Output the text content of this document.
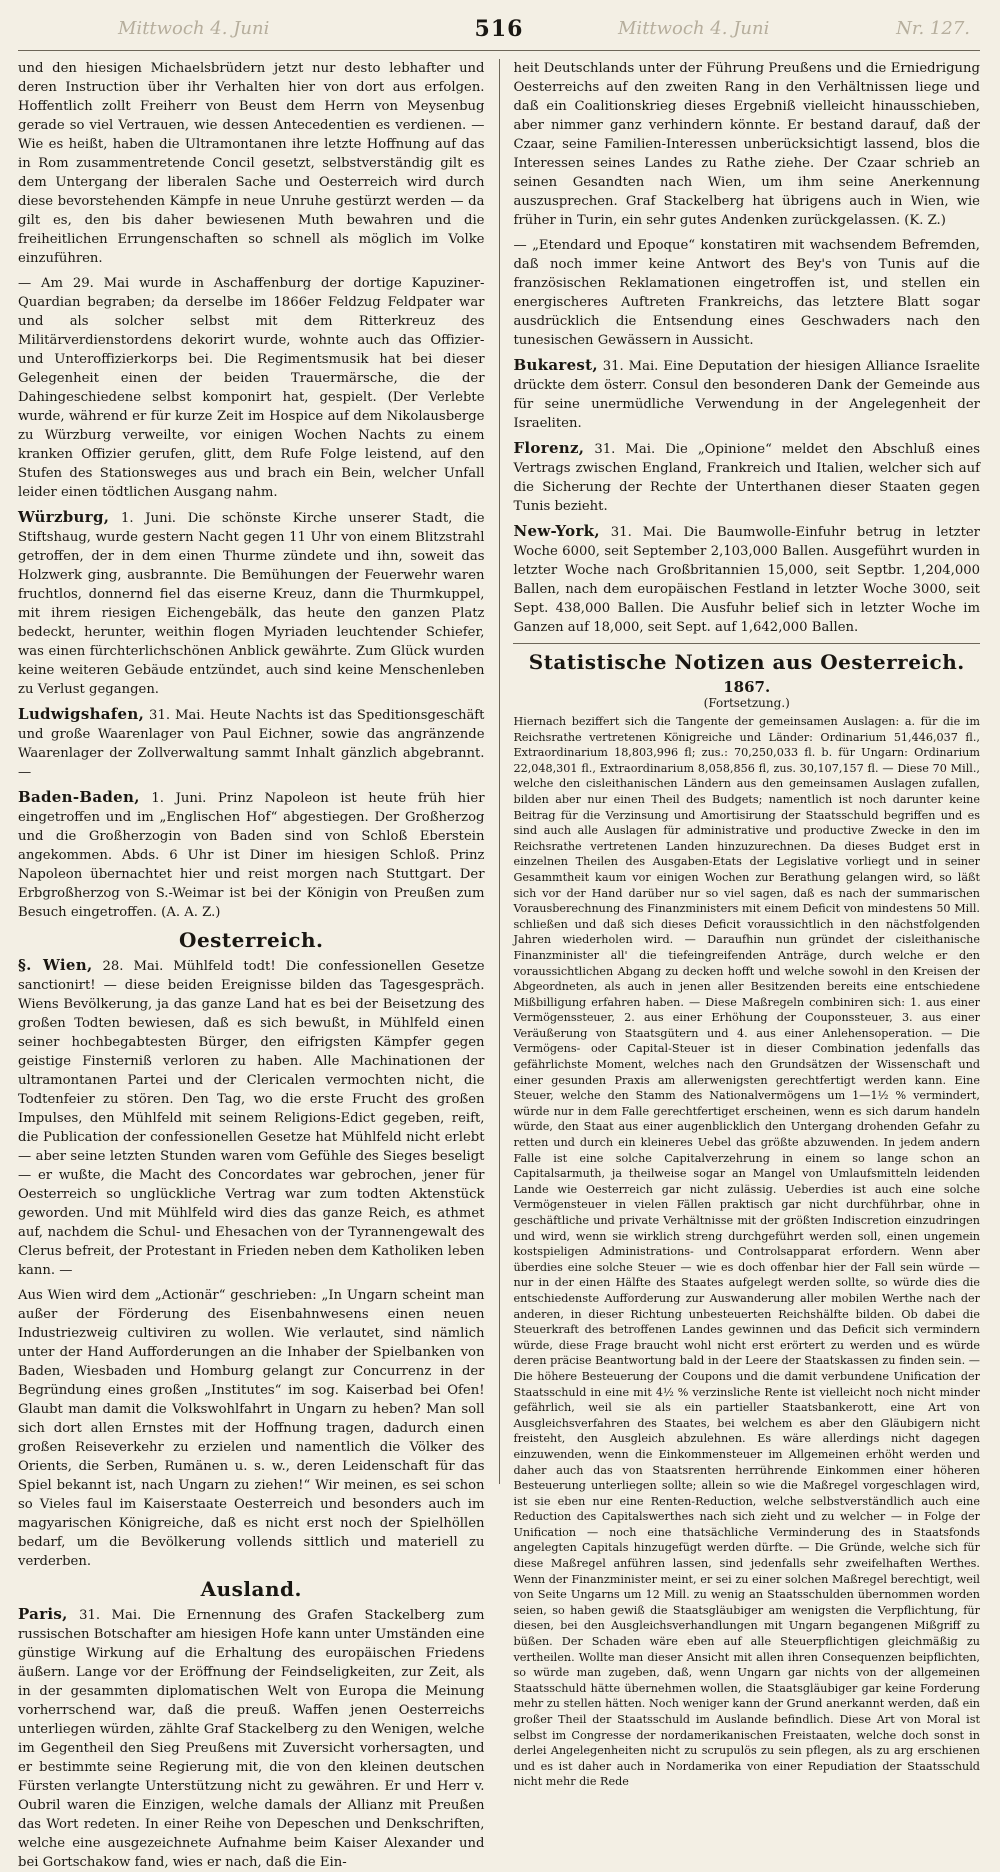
Mittwoch 4. Juni	Mittwoch 4. Juni	Nr. 127.
516

und den hiesigen Michaelsbrüdern jetzt nur desto lebhafter und deren Instruction über ihr Verhalten hier von dort aus erfolgen. Hoffentlich zollt Freiherr von Beust dem Herrn von Meysenbug gerade so viel Vertrauen, wie dessen Antecedentien es verdienen. — Wie es heißt, haben die Ultramontanen ihre letzte Hoffnung auf das in Rom zusammentretende Concil gesetzt, selbstverständig gilt es dem Untergang der liberalen Sache und Oesterreich wird durch diese bevorstehenden Kämpfe in neue Unruhe gestürzt werden — da gilt es, den bis daher bewiesenen Muth bewahren und die freiheitlichen Errungenschaften so schnell als möglich im Volke einzuführen.

— Am 29. Mai wurde in Aschaffenburg der dortige Kapuziner-Quardian begraben; da derselbe im 1866er Feldzug Feldpater war und als solcher selbst mit dem Ritterkreuz des Militärverdienstordens dekorirt wurde, wohnte auch das Offizier- und Unteroffizierkorps bei. Die Regimentsmusik hat bei dieser Gelegenheit einen der beiden Trauermärsche, die der Dahingeschiedene selbst komponirt hat, gespielt. (Der Verlebte wurde, während er für kurze Zeit im Hospice auf dem Nikolausberge zu Würzburg verweilte, vor einigen Wochen Nachts zu einem kranken Offizier gerufen, glitt, dem Rufe Folge leistend, auf den Stufen des Stationsweges aus und brach ein Bein, welcher Unfall leider einen tödtlichen Ausgang nahm.

Würzburg, 1. Juni. Die schönste Kirche unserer Stadt, die Stiftshaug, wurde gestern Nacht gegen 11 Uhr von einem Blitzstrahl getroffen, der in dem einen Thurme zündete und ihn, soweit das Holzwerk ging, ausbrannte. Die Bemühungen der Feuerwehr waren fruchtlos, donnernd fiel das eiserne Kreuz, dann die Thurmkuppel, mit ihrem riesigen Eichengebälk, das heute den ganzen Platz bedeckt, herunter, weithin flogen Myriaden leuchtender Schiefer, was einen fürchterlichschönen Anblick gewährte. Zum Glück wurden keine weiteren Gebäude entzündet, auch sind keine Menschenleben zu Verlust gegangen.

Ludwigshafen, 31. Mai. Heute Nachts ist das Speditionsgeschäft und große Waarenlager von Paul Eichner, sowie das angränzende Waarenlager der Zollverwaltung sammt Inhalt gänzlich abgebrannt. —

Baden-Baden, 1. Juni. Prinz Napoleon ist heute früh hier eingetroffen und im „Englischen Hof“ abgestiegen. Der Großherzog und die Großherzogin von Baden sind von Schloß Eberstein angekommen. Abds. 6 Uhr ist Diner im hiesigen Schloß. Prinz Napoleon übernachtet hier und reist morgen nach Stuttgart. Der Erbgroßherzog von S.-Weimar ist bei der Königin von Preußen zum Besuch eingetroffen. (A. A. Z.)

Oesterreich.

§. Wien, 28. Mai. Mühlfeld todt! Die confessionellen Gesetze sanctionirt! — diese beiden Ereignisse bilden das Tagesgespräch. Wiens Bevölkerung, ja das ganze Land hat es bei der Beisetzung des großen Todten bewiesen, daß es sich bewußt, in Mühlfeld einen seiner hochbegabtesten Bürger, den eifrigsten Kämpfer gegen geistige Finsterniß verloren zu haben. Alle Machinationen der ultramontanen Partei und der Clericalen vermochten nicht, die Todtenfeier zu stören. Den Tag, wo die erste Frucht des großen Impulses, den Mühlfeld mit seinem Religions-Edict gegeben, reift, die Publication der confessionellen Gesetze hat Mühlfeld nicht erlebt — aber seine letzten Stunden waren vom Gefühle des Sieges beseligt — er wußte, die Macht des Concordates war gebrochen, jener für Oesterreich so unglückliche Vertrag war zum todten Aktenstück geworden. Und mit Mühlfeld wird dies das ganze Reich, es athmet auf, nachdem die Schul- und Ehesachen von der Tyrannengewalt des Clerus befreit, der Protestant in Frieden neben dem Katholiken leben kann. —

Aus Wien wird dem „Actionär“ geschrieben: „In Ungarn scheint man außer der Förderung des Eisenbahnwesens einen neuen Industriezweig cultiviren zu wollen. Wie verlautet, sind nämlich unter der Hand Aufforderungen an die Inhaber der Spielbanken von Baden, Wiesbaden und Homburg gelangt zur Concurrenz in der Begründung eines großen „Institutes“ im sog. Kaiserbad bei Ofen! Glaubt man damit die Volkswohlfahrt in Ungarn zu heben? Man soll sich dort allen Ernstes mit der Hoffnung tragen, dadurch einen großen Reiseverkehr zu erzielen und namentlich die Völker des Orients, die Serben, Rumänen u. s. w., deren Leidenschaft für das Spiel bekannt ist, nach Ungarn zu ziehen!“ Wir meinen, es sei schon so Vieles faul im Kaiserstaate Oesterreich und besonders auch im magyarischen Königreiche, daß es nicht erst noch der Spielhöllen bedarf, um die Bevölkerung vollends sittlich und materiell zu verderben.

Ausland.

Paris, 31. Mai. Die Ernennung des Grafen Stackelberg zum russischen Botschafter am hiesigen Hofe kann unter Umständen eine günstige Wirkung auf die Erhaltung des europäischen Friedens äußern. Lange vor der Eröffnung der Feindseligkeiten, zur Zeit, als in der gesammten diplomatischen Welt von Europa die Meinung vorherrschend war, daß die preuß. Waffen jenen Oesterreichs unterliegen würden, zählte Graf Stackelberg zu den Wenigen, welche im Gegentheil den Sieg Preußens mit Zuversicht vorhersagten, und er bestimmte seine Regierung mit, die von den kleinen deutschen Fürsten verlangte Unterstützung nicht zu gewähren. Er und Herr v. Oubril waren die Einzigen, welche damals der Allianz mit Preußen das Wort redeten. In einer Reihe von Depeschen und Denkschriften, welche eine ausgezeichnete Aufnahme beim Kaiser Alexander und bei Gortschakow fand, wies er nach, daß die Ein-

heit Deutschlands unter der Führung Preußens und die Erniedrigung Oesterreichs auf den zweiten Rang in den Verhältnissen liege und daß ein Coalitionskrieg dieses Ergebniß vielleicht hinausschieben, aber nimmer ganz verhindern könnte. Er bestand darauf, daß der Czaar, seine Familien-Interessen unberücksichtigt lassend, blos die Interessen seines Landes zu Rathe ziehe. Der Czaar schrieb an seinen Gesandten nach Wien, um ihm seine Anerkennung auszusprechen. Graf Stackelberg hat übrigens auch in Wien, wie früher in Turin, ein sehr gutes Andenken zurückgelassen. (K. Z.)

— „Etendard und Epoque“ konstatiren mit wachsendem Befremden, daß noch immer keine Antwort des Bey's von Tunis auf die französischen Reklamationen eingetroffen ist, und stellen ein energischeres Auftreten Frankreichs, das letztere Blatt sogar ausdrücklich die Entsendung eines Geschwaders nach den tunesischen Gewässern in Aussicht.

Bukarest, 31. Mai. Eine Deputation der hiesigen Alliance Israelite drückte dem österr. Consul den besonderen Dank der Gemeinde aus für seine unermüdliche Verwendung in der Angelegenheit der Israeliten.

Florenz, 31. Mai. Die „Opinione“ meldet den Abschluß eines Vertrags zwischen England, Frankreich und Italien, welcher sich auf die Sicherung der Rechte der Unterthanen dieser Staaten gegen Tunis bezieht.

New-York, 31. Mai. Die Baumwolle-Einfuhr betrug in letzter Woche 6000, seit September 2,103,000 Ballen. Ausgeführt wurden in letzter Woche nach Großbritannien 15,000, seit Septbr. 1,204,000 Ballen, nach dem europäischen Festland in letzter Woche 3000, seit Sept. 438,000 Ballen. Die Ausfuhr belief sich in letzter Woche im Ganzen auf 18,000, seit Sept. auf 1,642,000 Ballen.

Statistische Notizen aus Oesterreich.
1867.
(Fortsetzung.)

Hiernach beziffert sich die Tangente der gemeinsamen Auslagen: a. für die im Reichsrathe vertretenen Königreiche und Länder: Ordinarium 51,446,037 fl., Extraordinarium 18,803,996 fl; zus.: 70,250,033 fl. b. für Ungarn: Ordinarium 22,048,301 fl., Extraordinarium 8,058,856 fl, zus. 30,107,157 fl. — Diese 70 Mill., welche den cisleithanischen Ländern aus den gemeinsamen Auslagen zufallen, bilden aber nur einen Theil des Budgets; namentlich ist noch darunter keine Beitrag für die Verzinsung und Amortisirung der Staatsschuld begriffen und es sind auch alle Auslagen für administrative und productive Zwecke in den im Reichsrathe vertretenen Landen hinzuzurechnen. Da dieses Budget erst in einzelnen Theilen des Ausgaben-Etats der Legislative vorliegt und in seiner Gesammtheit kaum vor einigen Wochen zur Berathung gelangen wird, so läßt sich vor der Hand darüber nur so viel sagen, daß es nach der summarischen Vorausberechnung des Finanzministers mit einem Deficit von mindestens 50 Mill. schließen und daß sich dieses Deficit voraussichtlich in den nächstfolgenden Jahren wiederholen wird. — Daraufhin nun gründet der cisleithanische Finanzminister all' die tiefeingreifenden Anträge, durch welche er den voraussichtlichen Abgang zu decken hofft und welche sowohl in den Kreisen der Abgeordneten, als auch in jenen aller Besitzenden bereits eine entschiedene Mißbilligung erfahren haben. — Diese Maßregeln combiniren sich: 1. aus einer Vermögenssteuer, 2. aus einer Erhöhung der Couponssteuer, 3. aus einer Veräußerung von Staatsgütern und 4. aus einer Anlehensoperation. — Die Vermögens- oder Capital-Steuer ist in dieser Combination jedenfalls das gefährlichste Moment, welches nach den Grundsätzen der Wissenschaft und einer gesunden Praxis am allerwenigsten gerechtfertigt werden kann. Eine Steuer, welche den Stamm des Nationalvermögens um 1—1½ % vermindert, würde nur in dem Falle gerechtfertiget erscheinen, wenn es sich darum handeln würde, den Staat aus einer augenblicklich den Untergang drohenden Gefahr zu retten und durch ein kleineres Uebel das größte abzuwenden. In jedem andern Falle ist eine solche Capitalverzehrung in einem so lange schon an Capitalsarmuth, ja theilweise sogar an Mangel von Umlaufsmitteln leidenden Lande wie Oesterreich gar nicht zulässig. Ueberdies ist auch eine solche Vermögensteuer in vielen Fällen praktisch gar nicht durchführbar, ohne in geschäftliche und private Verhältnisse mit der größten Indiscretion einzudringen und wird, wenn sie wirklich streng durchgeführt werden soll, einen ungemein kostspieligen Administrations- und Controlsapparat erfordern. Wenn aber überdies eine solche Steuer — wie es doch offenbar hier der Fall sein würde — nur in der einen Hälfte des Staates aufgelegt werden sollte, so würde dies die entschiedenste Aufforderung zur Auswanderung aller mobilen Werthe nach der anderen, in dieser Richtung unbesteuerten Reichshälfte bilden. Ob dabei die Steuerkraft des betroffenen Landes gewinnen und das Deficit sich vermindern würde, diese Frage braucht wohl nicht erst erörtert zu werden und es würde deren präcise Beantwortung bald in der Leere der Staatskassen zu finden sein. — Die höhere Besteuerung der Coupons und die damit verbundene Unification der Staatsschuld in eine mit 4½ % verzinsliche Rente ist vielleicht noch nicht minder gefährlich, weil sie als ein partieller Staatsbankerott, eine Art von Ausgleichsverfahren des Staates, bei welchem es aber den Gläubigern nicht freisteht, den Ausgleich abzulehnen. Es wäre allerdings nicht dagegen einzuwenden, wenn die Einkommensteuer im Allgemeinen erhöht werden und daher auch das von Staatsrenten herrührende Einkommen einer höheren Besteuerung unterliegen sollte; allein so wie die Maßregel vorgeschlagen wird, ist sie eben nur eine Renten-Reduction, welche selbstverständlich auch eine Reduction des Capitalswerthes nach sich zieht und zu welcher — in Folge der Unification — noch eine thatsächliche Verminderung des in Staatsfonds angelegten Capitals hinzugefügt werden dürfte. — Die Gründe, welche sich für diese Maßregel anführen lassen, sind jedenfalls sehr zweifelhaften Werthes. Wenn der Finanzminister meint, er sei zu einer solchen Maßregel berechtigt, weil von Seite Ungarns um 12 Mill. zu wenig an Staatsschulden übernommen worden seien, so haben gewiß die Staatsgläubiger am wenigsten die Verpflichtung, für diesen, bei den Ausgleichsverhandlungen mit Ungarn begangenen Mißgriff zu büßen. Der Schaden wäre eben auf alle Steuerpflichtigen gleichmäßig zu vertheilen. Wollte man dieser Ansicht mit allen ihren Consequenzen beipflichten, so würde man zugeben, daß, wenn Ungarn gar nichts von der allgemeinen Staatsschuld hätte übernehmen wollen, die Staatsgläubiger gar keine Forderung mehr zu stellen hätten. Noch weniger kann der Grund anerkannt werden, daß ein großer Theil der Staatsschuld im Auslande befindlich. Diese Art von Moral ist selbst im Congresse der nordamerikanischen Freistaaten, welche doch sonst in derlei Angelegenheiten nicht zu scrupulös zu sein pflegen, als zu arg erschienen und es ist daher auch in Nordamerika von einer Repudiation der Staatsschuld nicht mehr die Rede
